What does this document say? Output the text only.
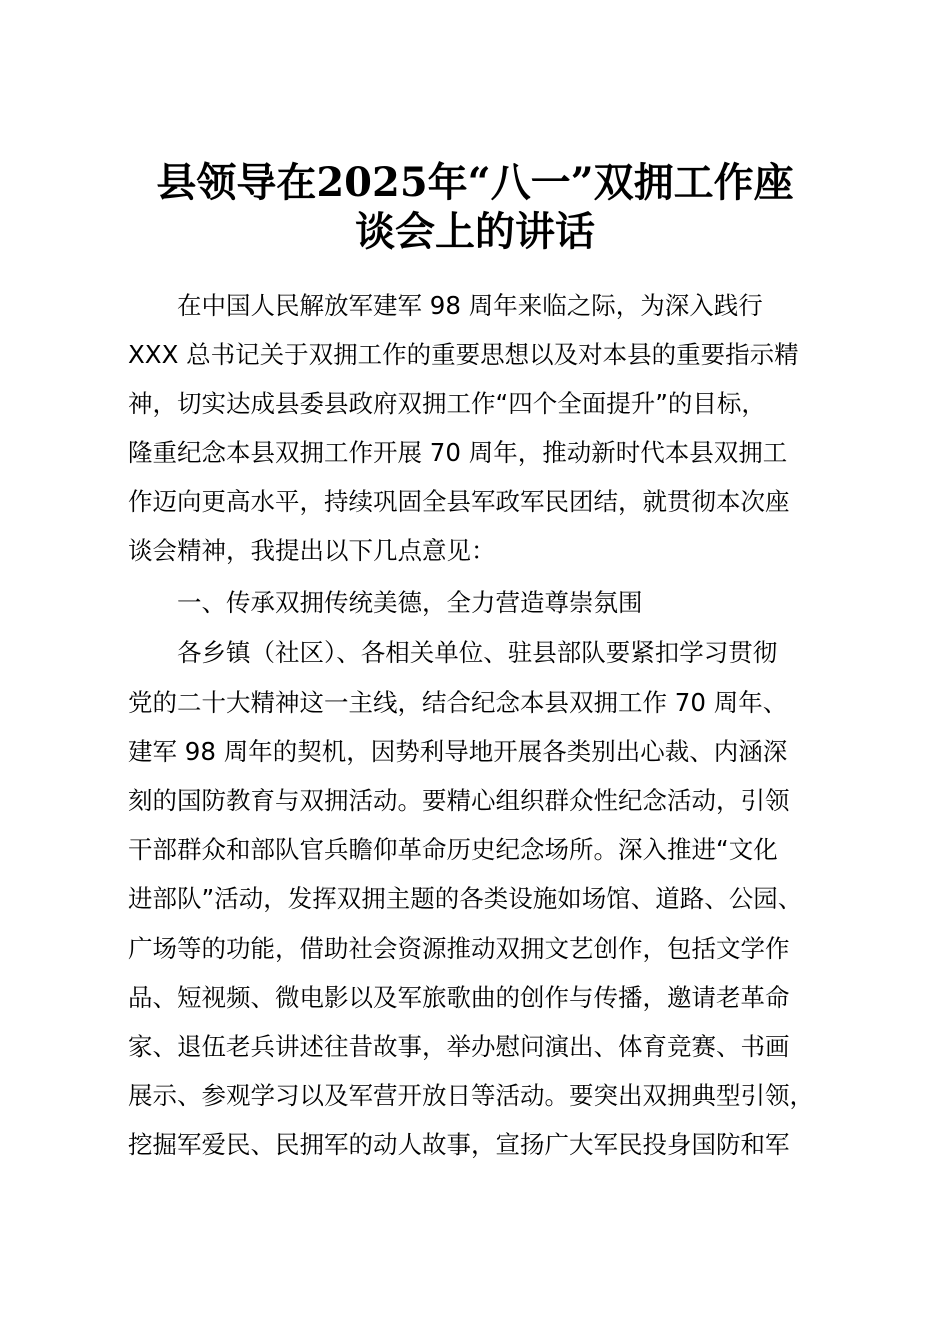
县领导在2025年“八一”双拥工作座
谈会上的讲话
　　在中国人民解放军建军 98 周年来临之际，为深入践行
XXX 总书记关于双拥工作的重要思想以及对本县的重要指示精
神，切实达成县委县政府双拥工作“四个全面提升”的目标，
隆重纪念本县双拥工作开展 70 周年，推动新时代本县双拥工
作迈向更高水平，持续巩固全县军政军民团结，就贯彻本次座
谈会精神，我提出以下几点意见：
　　一、传承双拥传统美德，全力营造尊崇氛围
　　各乡镇（社区）、各相关单位、驻县部队要紧扣学习贯彻
党的二十大精神这一主线，结合纪念本县双拥工作 70 周年、
建军 98 周年的契机，因势利导地开展各类别出心裁、内涵深
刻的国防教育与双拥活动。要精心组织群众性纪念活动，引领
干部群众和部队官兵瞻仰革命历史纪念场所。深入推进“文化
进部队”活动，发挥双拥主题的各类设施如场馆、道路、公园、
广场等的功能，借助社会资源推动双拥文艺创作，包括文学作
品、短视频、微电影以及军旅歌曲的创作与传播，邀请老革命
家、退伍老兵讲述往昔故事，举办慰问演出、体育竞赛、书画
展示、参观学习以及军营开放日等活动。要突出双拥典型引领，
挖掘军爱民、民拥军的动人故事，宣扬广大军民投身国防和军
